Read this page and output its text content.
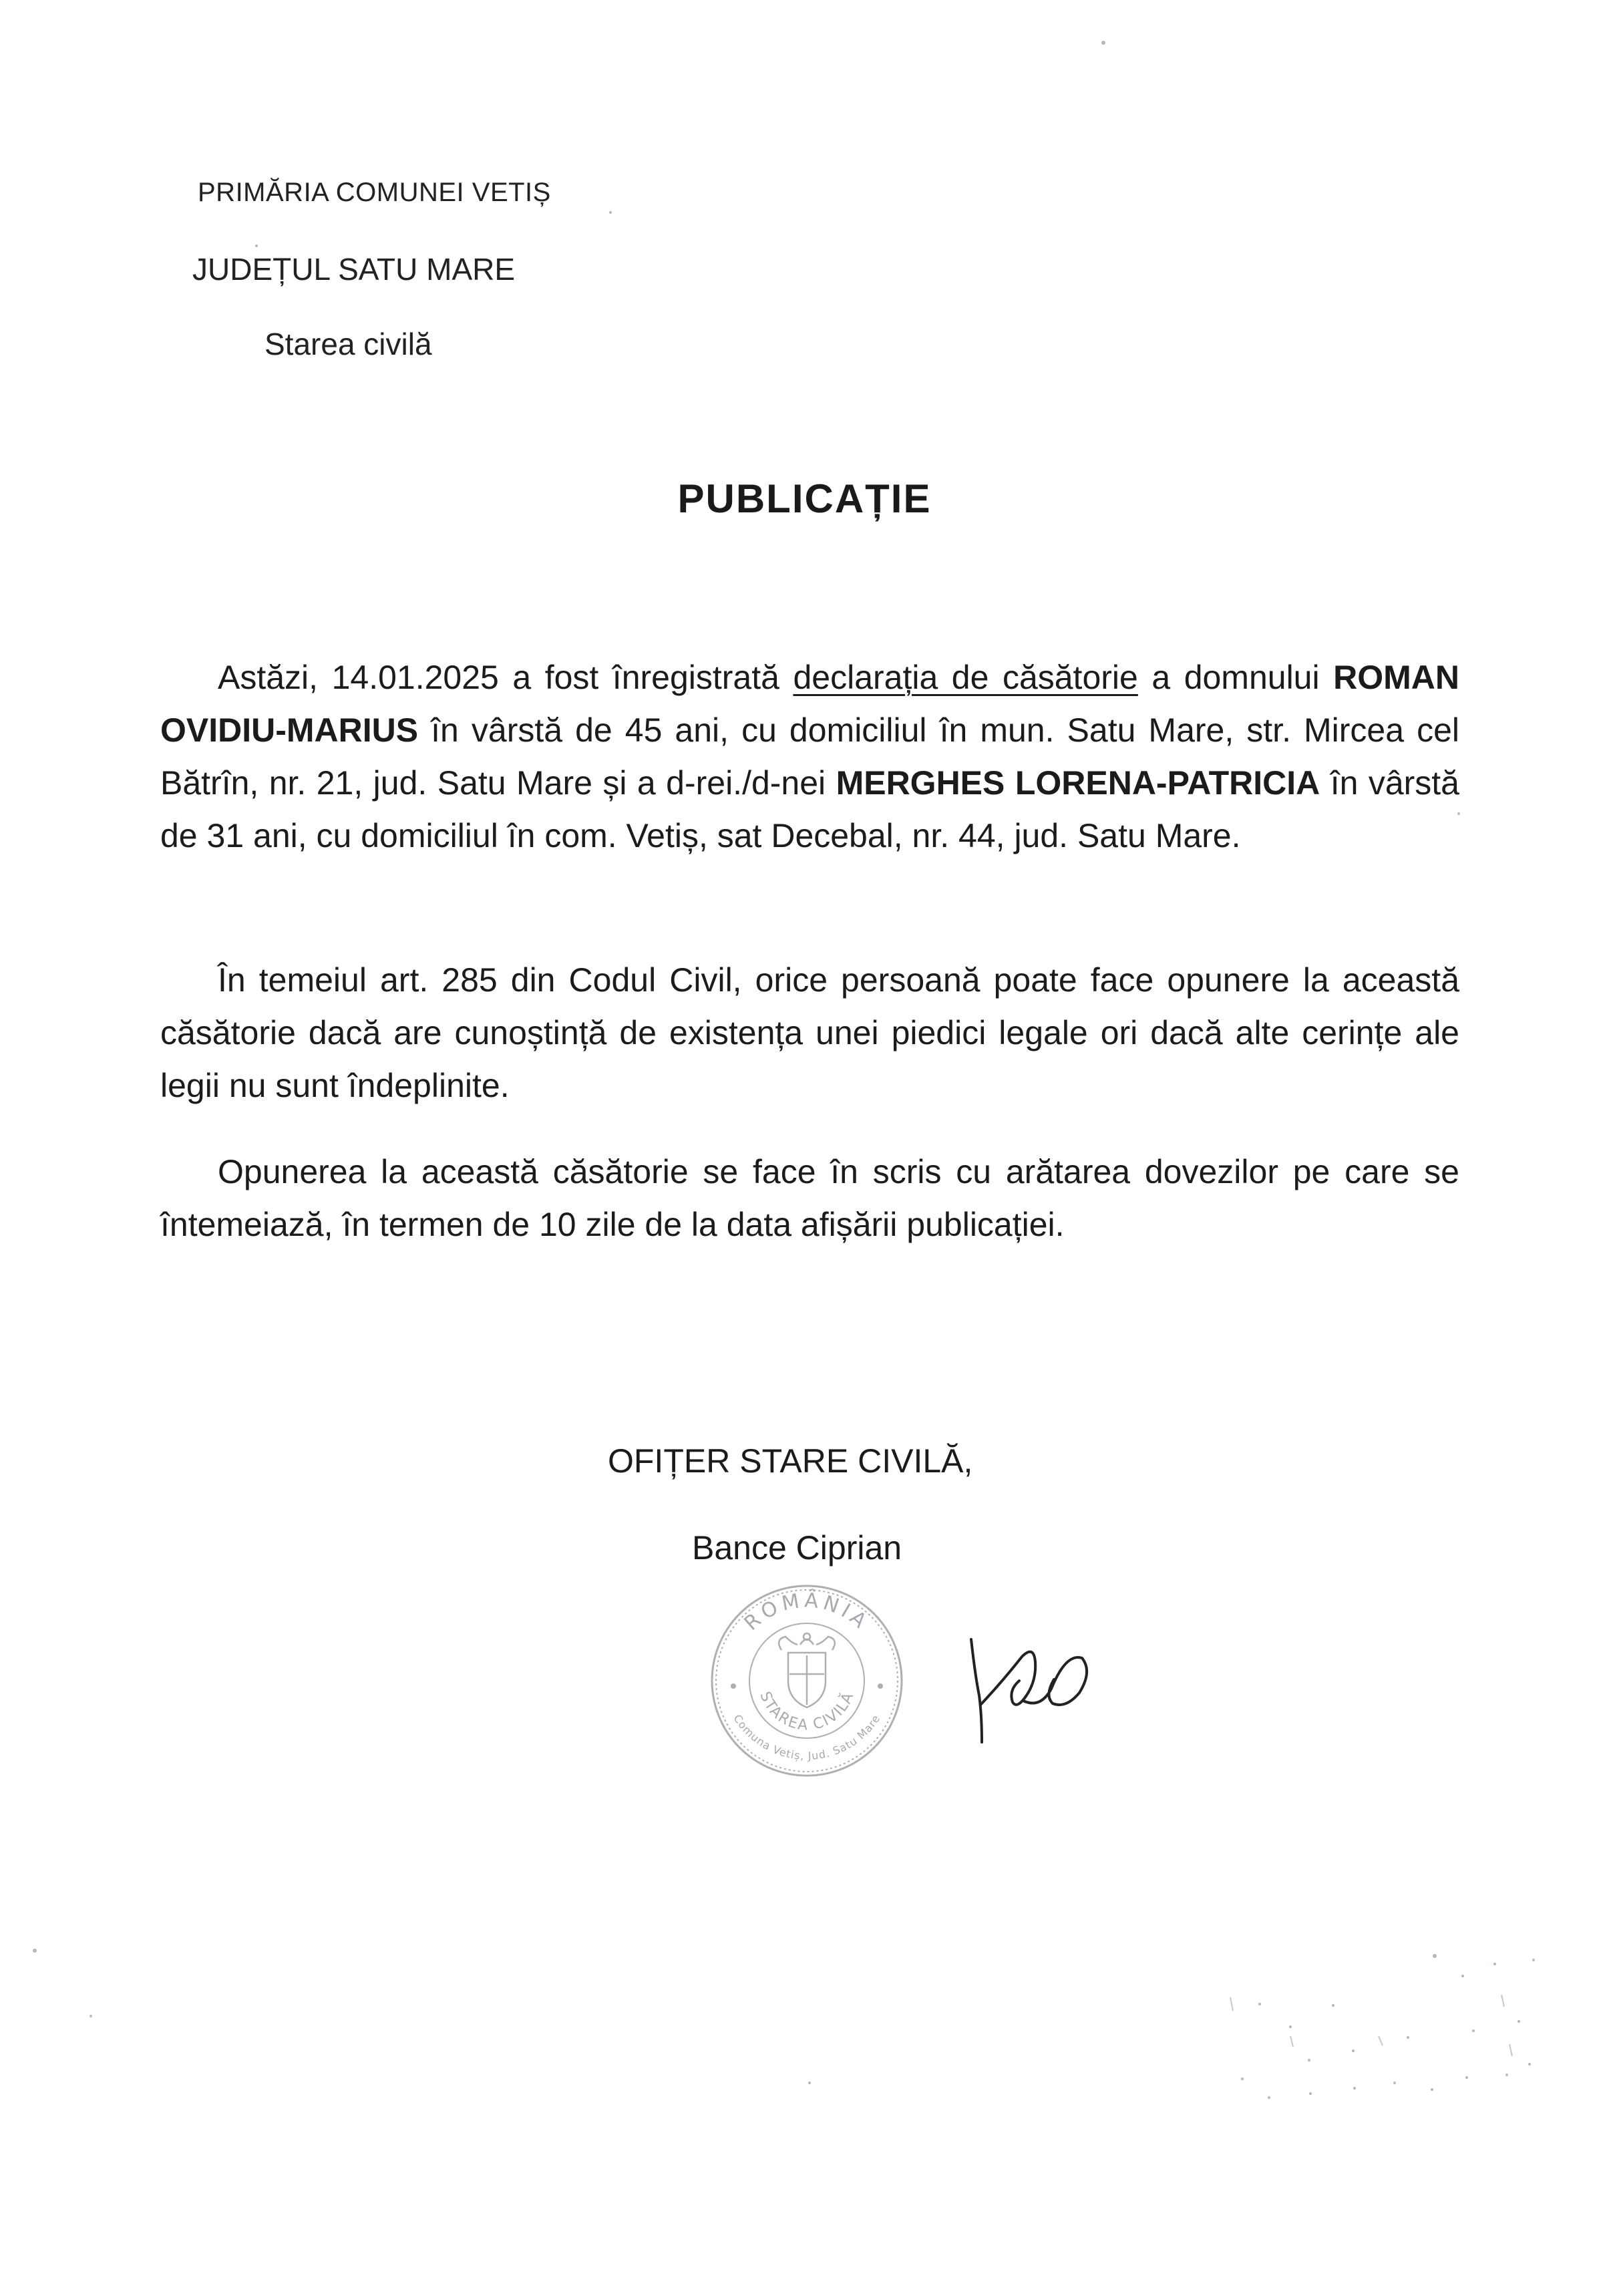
PRIMĂRIA COMUNEI VETIȘ

JUDEȚUL SATU MARE

Starea civilă

PUBLICAȚIE

Astăzi, 14.01.2025 a fost înregistrată declarația de căsătorie a domnului ROMAN OVIDIU-MARIUS în vârstă de 45 ani, cu domiciliul în mun. Satu Mare, str. Mircea cel Bătrîn, nr. 21, jud. Satu Mare și a d-rei./d-nei MERGHES LORENA-PATRICIA în vârstă de 31 ani, cu domiciliul în com. Vetiș, sat Decebal, nr. 44, jud. Satu Mare.

În temeiul art. 285 din Codul Civil, orice persoană poate face opunere la această căsătorie dacă are cunoștință de existența unei piedici legale ori dacă alte cerințe ale legii nu sunt îndeplinite.

Opunerea la această căsătorie se face în scris cu arătarea dovezilor pe care se întemeiază, în termen de 10 zile de la data afișării publicației.

OFIȚER STARE CIVILĂ,

Bance Ciprian

ROMÂNIA
Comuna Vetiș, Jud. Satu Mare
STAREA CIVILĂ
